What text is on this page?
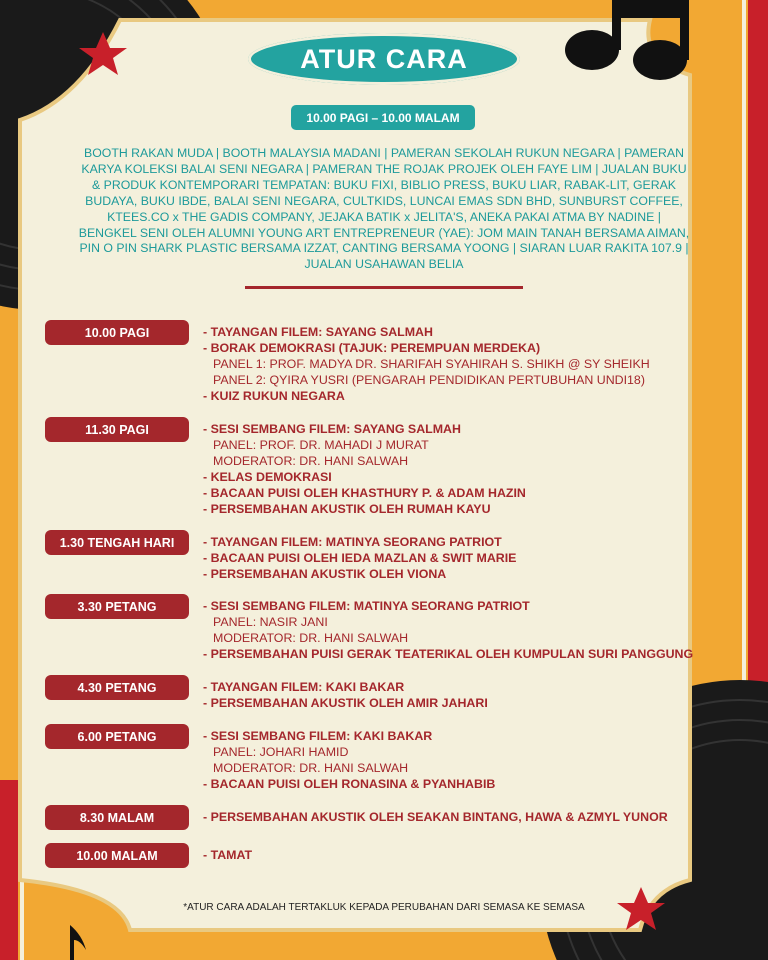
ATUR CARA
10.00 PAGI – 10.00 MALAM
BOOTH RAKAN MUDA | BOOTH MALAYSIA MADANI | PAMERAN SEKOLAH RUKUN NEGARA | PAMERAN KARYA KOLEKSI BALAI SENI NEGARA | PAMERAN THE ROJAK PROJEK OLEH FAYE LIM | JUALAN BUKU & PRODUK KONTEMPORARI TEMPATAN: BUKU FIXI, BIBLIO PRESS, BUKU LIAR, RABAK-LIT, GERAK BUDAYA, BUKU IBDE, BALAI SENI NEGARA, CULTKIDS, LUNCAI EMAS SDN BHD, SUNBURST COFFEE, KTEES.CO x THE GADIS COMPANY, JEJAKA BATIK x JELITA'S, ANEKA PAKAI ATMA BY NADINE | BENGKEL SENI OLEH ALUMNI YOUNG ART ENTREPRENEUR (YAE): JOM MAIN TANAH BERSAMA AIMAN, PIN O PIN SHARK PLASTIC BERSAMA IZZAT, CANTING BERSAMA YOONG | SIARAN LUAR RAKITA 107.9 | JUALAN USAHAWAN BELIA
10.00 PAGI	- TAYANGAN FILEM: SAYANG SALMAH
- BORAK DEMOKRASI (TAJUK: PEREMPUAN MERDEKA)
PANEL 1: PROF. MADYA DR. SHARIFAH SYAHIRAH S. SHIKH @ SY SHEIKH
PANEL 2: QYIRA YUSRI (PENGARAH PENDIDIKAN PERTUBUHAN UNDI18)
- KUIZ RUKUN NEGARA
11.30 PAGI	- SESI SEMBANG FILEM: SAYANG SALMAH
PANEL: PROF. DR. MAHADI J MURAT
MODERATOR: DR. HANI SALWAH
- KELAS DEMOKRASI
- BACAAN PUISI OLEH KHASTHURY P. & ADAM HAZIN
- PERSEMBAHAN AKUSTIK OLEH RUMAH KAYU
1.30 TENGAH HARI	- TAYANGAN FILEM: MATINYA SEORANG PATRIOT
- BACAAN PUISI OLEH IEDA MAZLAN & SWIT MARIE
- PERSEMBAHAN AKUSTIK OLEH VIONA
3.30 PETANG	- SESI SEMBANG FILEM: MATINYA SEORANG PATRIOT
PANEL: NASIR JANI
MODERATOR: DR. HANI SALWAH
- PERSEMBAHAN PUISI GERAK TEATERIKAL OLEH KUMPULAN SURI PANGGUNG
4.30 PETANG	- TAYANGAN FILEM: KAKI BAKAR
- PERSEMBAHAN AKUSTIK OLEH AMIR JAHARI
6.00 PETANG	- SESI SEMBANG FILEM: KAKI BAKAR
PANEL: JOHARI HAMID
MODERATOR: DR. HANI SALWAH
- BACAAN PUISI OLEH RONASINA & PYANHABIB
8.30 MALAM	- PERSEMBAHAN AKUSTIK OLEH SEAKAN BINTANG, HAWA & AZMYL YUNOR
10.00 MALAM	- TAMAT
*ATUR CARA ADALAH TERTAKLUK KEPADA PERUBAHAN DARI SEMASA KE SEMASA
